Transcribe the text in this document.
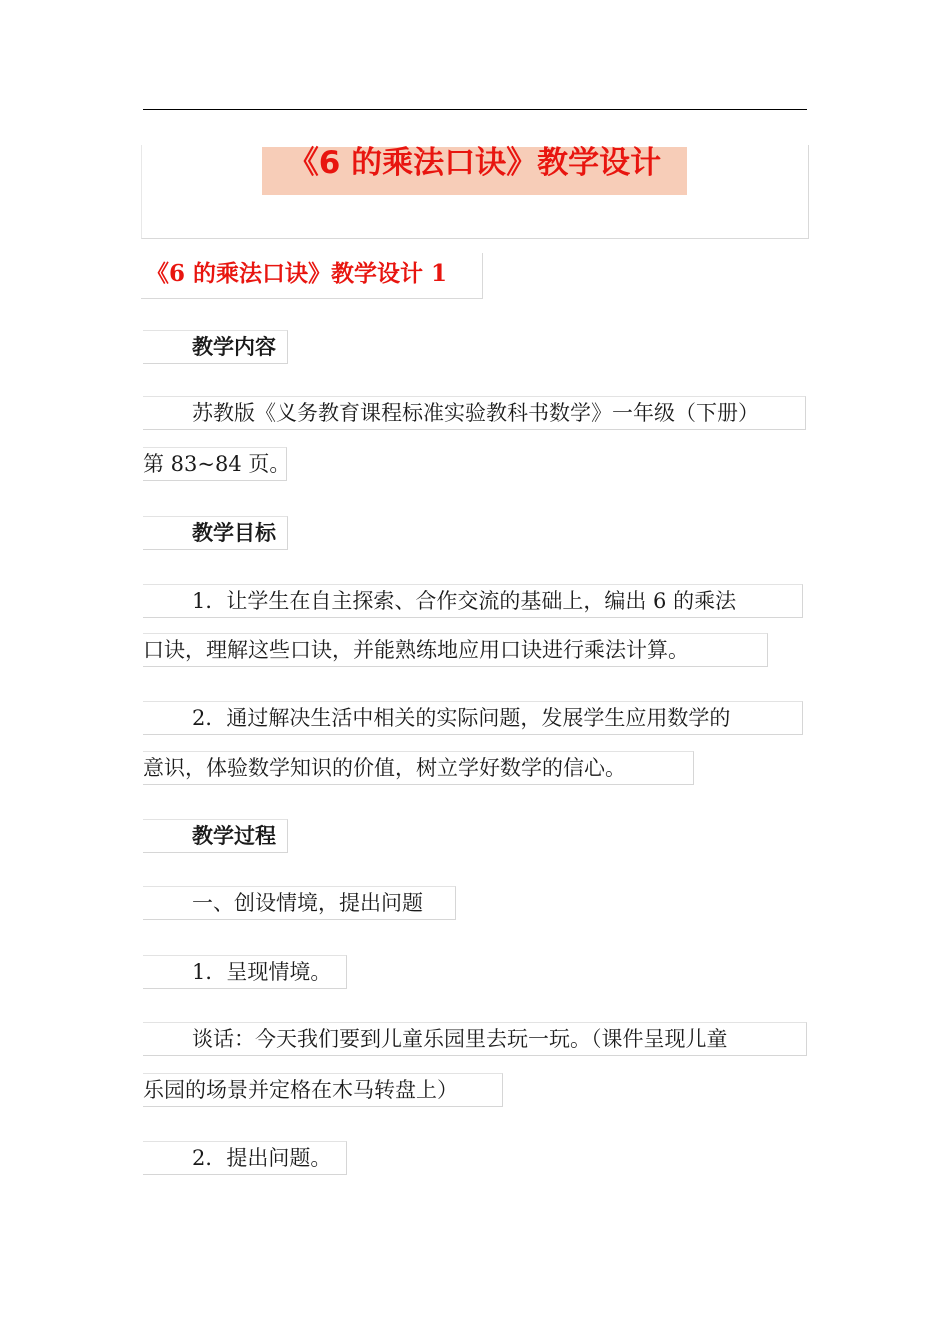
《6 的乘法口诀》教学设计
《6 的乘法口诀》教学设计 1
教学内容
苏教版《义务教育课程标准实验教科书数学》一年级（下册）
第 83~84 页。
教学目标
1．让学生在自主探索、合作交流的基础上，编出 6 的乘法
口诀，理解这些口诀，并能熟练地应用口诀进行乘法计算。
2．通过解决生活中相关的实际问题，发展学生应用数学的
意识，体验数学知识的价值，树立学好数学的信心。
教学过程
一、创设情境，提出问题
1．呈现情境。
谈话：今天我们要到儿童乐园里去玩一玩。（课件呈现儿童
乐园的场景并定格在木马转盘上）
2．提出问题。
